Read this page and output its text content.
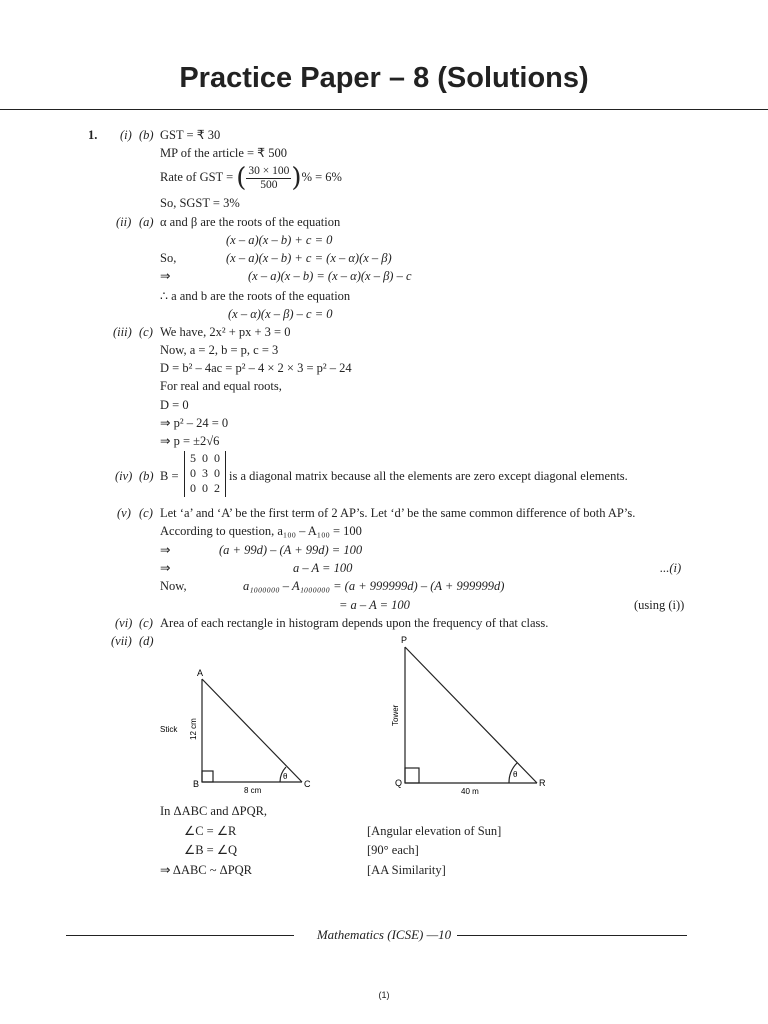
Practice Paper – 8 (Solutions)
1. (i) (b) GST = ₹ 30
MP of the article = ₹ 500
Rate of GST = ( $\frac{30 \times 100}{500}$ )% = 6%
So, SGST = 3%
(ii) (a) α and β are the roots of the equation
(x – a)(x – b) + c = 0
So,	(x – a)(x – b) + c = (x – α)(x – β)
⇒	(x – a)(x – b) = (x – α)(x – β) – c
∴ a and b are the roots of the equation
(x – α)(x – β) – c = 0
(iii) (c) We have, 2x² + px + 3 = 0
Now, a = 2, b = p, c = 3
D = b² – 4ac = p² – 4 × 2 × 3 = p² – 24
For real and equal roots,
D = 0
⇒ p² – 24 = 0
⇒ p = ±2√6
(iv) (b) B =
5 0 0
0 3 0
0 0 2
is a diagonal matrix because all the elements are zero except diagonal elements.
(v) (c) Let ‘a’ and ‘A’ be the first term of 2 AP’s. Let ‘d’ be the same common difference of both AP’s.
According to question, a₁₀₀ – A₁₀₀ = 100
⇒	(a + 99d) – (A + 99d) = 100
⇒	a – A = 100	...(i)
Now,	a₁₀₀₀₀₀₀ – A₁₀₀₀₀₀₀ = (a + 999999d) – (A + 999999d)
= a – A = 100	(using (i))
(vi) (c) Area of each rectangle in histogram depends upon the frequency of that class.
(vii) (d)
A
B	C
Stick 12 cm
8 cm
θ
P
Q	R
Tower
40 m
θ
In ΔABC and ΔPQR,
∠C = ∠R	[Angular elevation of Sun]
∠B = ∠Q	[90° each]
⇒ ΔABC ~ ΔPQR	[AA Similarity]
Mathematics (ICSE) —10
(1)
